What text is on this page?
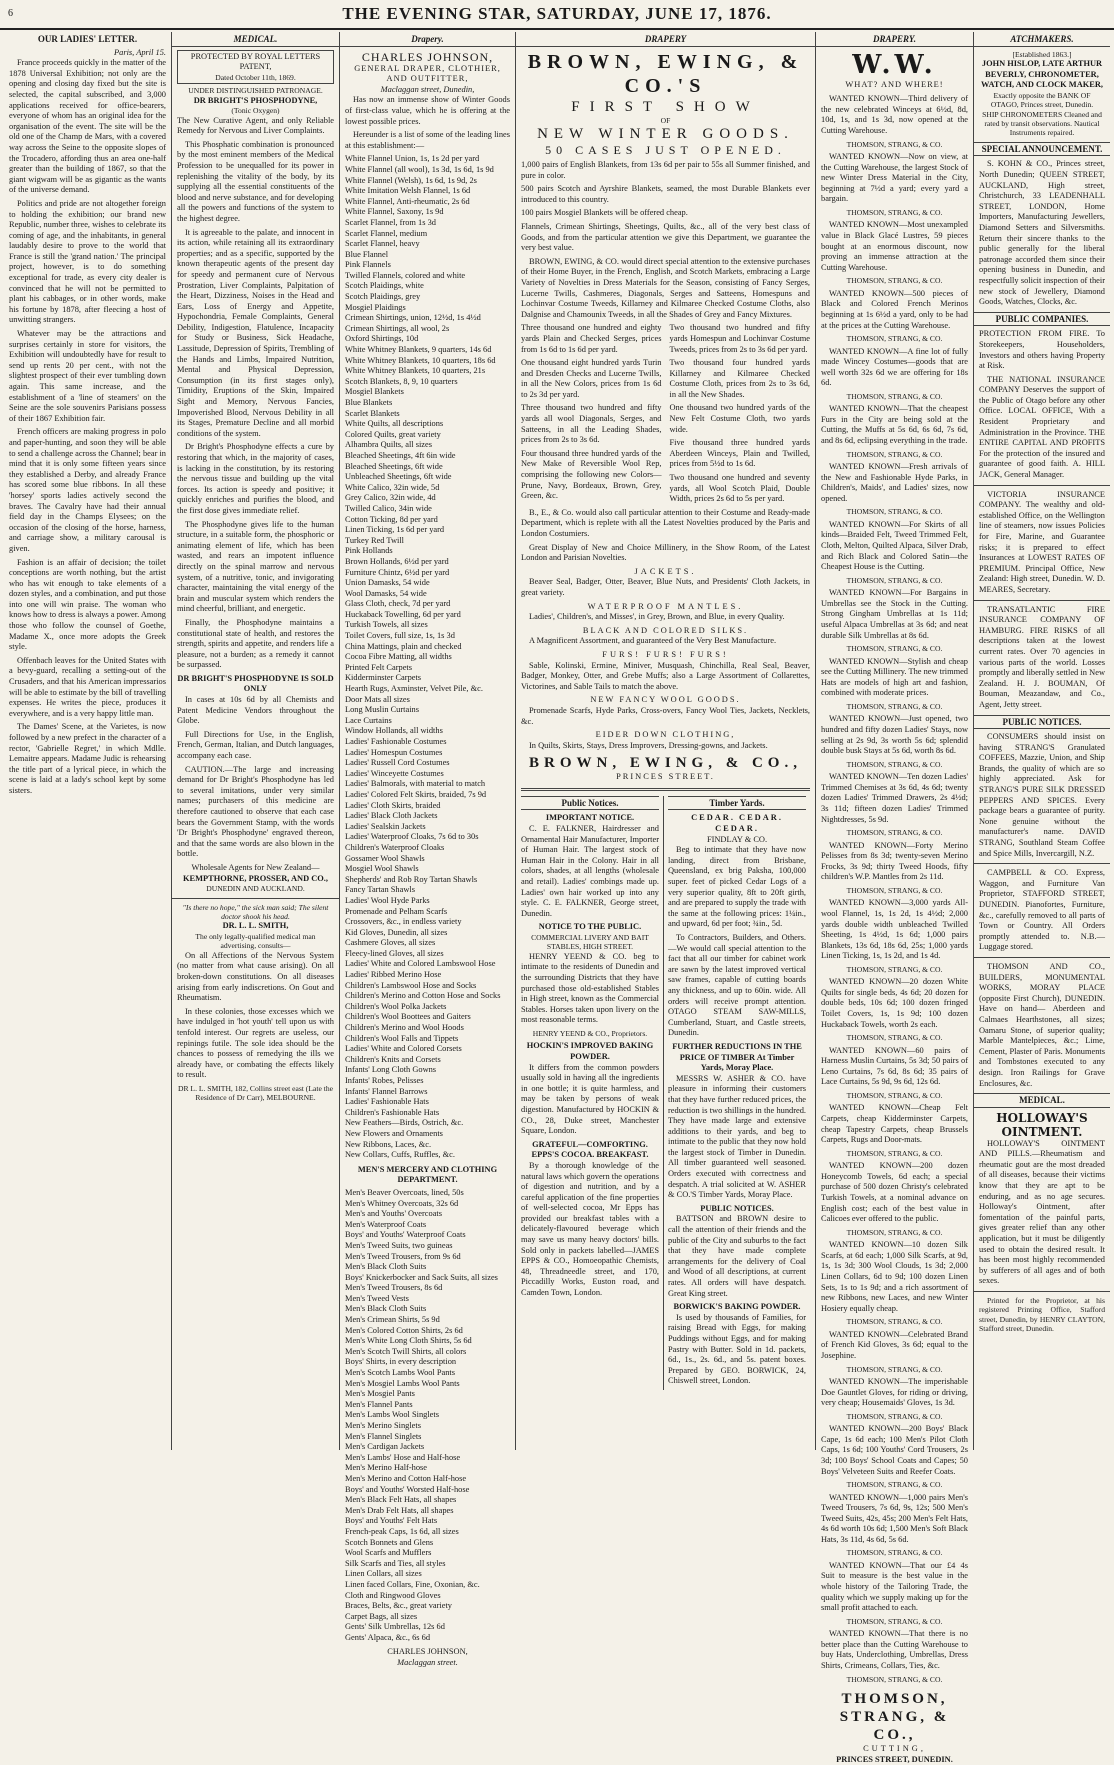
6	THE EVENING STAR, SATURDAY, JUNE 17, 1876.
OUR LADIES' LETTER.
Paris, April 15.

France proceeds quickly in the matter of the 1878 Universal Exhibition; not only are the opening and closing day fixed but the site is selected, the capital subscribed, and 3,000 applications received for office-bearers, everyone of whom has an original idea for the organisation of the event. The site will be the old one of the Champ de Mars, with a covered way across the Seine to the opposite slopes of the Trocadero, affording thus an area one-half greater than the building of 1867, so that the giant wigwam will be as gigantic as the wants of the universe demand.

Politics and pride are not altogether foreign to holding the exhibition; our brand new Republic, number three, wishes to celebrate its coming of age, and the inhabitants, in general laudably desire to prove to the world that France is still the 'grand nation.' The principal project, however, is to do something exceptional for trade, as every city dealer is convinced that he will not be permitted to plant his cabbages, or in other words, make his fortune by 1878, after fleecing a host of unwitting strangers.

Whatever may be the attractions and surprises certainly in store for visitors, the Exhibition will undoubtedly have for result to send up rents 20 per cent., with not the slightest prospect of their ever tumbling down again. This same increase, and the establishment of a 'line of steamers' on the Seine are the sole souvenirs Parisians possess of their 1867 Exhibition fair.

French officers are making progress in polo and paper-hunting, and soon they will be able to send a challenge across the Channel; bear in mind that it is only some fifteen years since they established a Derby, and already France has scored some blue ribbons. In all these 'horsey' sports ladies actively second the braves. The Cavalry have had their annual field day in the Champs Elysees; on the occasion of the closing of the horse, harness, and carriage show, a military carousal is given.

Fashion is an affair of decision; the toilet conceptions are worth nothing, but the artist who has wit enough to take elements of a dozen styles, and a combination, and put those into one will win praise. The woman who knows how to dress is always a power. Among those who follow the counsel of Goethe, Madame X., once more adopts the Greek style.

Offenbach leaves for the United States with a bevy-guard, recalling a setting-out of the Crusaders, and that his American impressarios will be able to estimate by the bill of travelling expenses. He writes the piece, produces it everywhere, and is a very happy little man.

The Dames' Scene, at the Varietes, is now followed by a new prefect in the character of a rector, 'Gabrielle Regret,' in which Mdlle. Lemaitre appears. Madame Judic is rehearsing the title part of a lyrical piece, in which the scene is laid at a lady's school kept by some sisters.

MEDICAL.
PROTECTED BY ROYAL LETTERS PATENT,
Dated October 11th, 1869.
UNDER DISTINGUISHED PATRONAGE.
DR BRIGHT'S PHOSPHODYNE,
(Tonic Oxygen)

The New Curative Agent, and only Reliable Remedy for Nervous and Liver Complaints.

This Phosphatic combination is pronounced by the most eminent members of the Medical Profession to be unequalled for its power in replenishing the vitality of the body, by its supplying all the essential constituents of the blood and nerve substance, and for developing all the powers and functions of the system to the highest degree.

It is agreeable to the palate, and innocent in its action, while retaining all its extraordinary properties; and as a specific, supported by the known therapeutic agents of the present day for speedy and permanent cure of Nervous Prostration, Liver Complaints, Palpitation of the Heart, Dizziness, Noises in the Head and Ears, Loss of Energy and Appetite, Hypochondria, Female Complaints, General Debility, Indigestion, Flatulence, Incapacity for Study or Business, Sick Headache, Lassitude, Depression of Spirits, Trembling of the Hands and Limbs, Impaired Nutrition, Mental and Physical Depression, Consumption (in its first stages only), Timidity, Eruptions of the Skin, Impaired Sight and Memory, Nervous Fancies, Impoverished Blood, Nervous Debility in all its Stages, Premature Decline and all morbid conditions of the system.

Dr Bright's Phosphodyne effects a cure by restoring that which, in the majority of cases, is lacking in the constitution, by its restoring the nervous tissue and building up the vital forces. Its action is speedy and positive; it quickly enriches and purifies the blood, and the first dose gives immediate relief.

The Phosphodyne gives life to the human structure, in a suitable form, the phosphoric or animating element of life, which has been wasted, and rears an impotent influence directly on the spinal marrow and nervous system, of a nutritive, tonic, and invigorating character, maintaining the vital energy of the brain and muscular system which renders the mind cheerful, brilliant, and energetic.

Finally, the Phosphodyne maintains a constitutional state of health, and restores the strength, spirits and appetite, and renders life a pleasure, not a burden; as a remedy it cannot be surpassed.

DR BRIGHT'S PHOSPHODYNE IS SOLD ONLY

In cases at 10s 6d by all Chemists and Patent Medicine Vendors throughout the Globe.

Full Directions for Use, in the English, French, German, Italian, and Dutch languages, accompany each case.

CAUTION.—The large and increasing demand for Dr Bright's Phosphodyne has led to several imitations, under very similar names; purchasers of this medicine are therefore cautioned to observe that each case bears the Government Stamp, with the words 'Dr Bright's Phosphodyne' engraved thereon, and that the same words are also blown in the bottle.

Wholesale Agents for New Zealand—
KEMPTHORNE, PROSSER, AND CO.,
DUNEDIN AND AUCKLAND.
"Is there no hope," the sick man said; The silent doctor shook his head.
DR. L. L. SMITH,
The only legally-qualified medical man advertising, consults—

On all Affections of the Nervous System (no matter from what cause arising). On all broken-down constitutions. On all diseases arising from early indiscretions. On Gout and Rheumatism.

In these colonies, those excesses which we have indulged in 'hot youth' tell upon us with tenfold interest. Our regrets are useless, our repinings futile. The sole idea should be the chances to possess of remedying the ills we already have, or combating the effects likely to result.

DR L. L. SMITH, 182, Collins street east (Late the Residence of Dr Carr), MELBOURNE.
Drapery.
CHARLES JOHNSON,
GENERAL DRAPER, CLOTHIER, AND OUTFITTER,
Maclaggan street, Dunedin,

Has now an immense show of Winter Goods of first-class value, which he is offering at the lowest possible prices.

Hereunder is a list of some of the leading lines at this establishment:—

White Flannel Union, 1s, 1s 2d per yard
White Flannel (all wool), 1s 3d, 1s 6d, 1s 9d
White Flannel (Welsh), 1s 6d, 1s 9d, 2s
White Imitation Welsh Flannel, 1s 6d
White Flannel, Anti-rheumatic, 2s 6d
White Flannel, Saxony, 1s 9d
Scarlet Flannel, from 1s 3d
Scarlet Flannel, medium
Scarlet Flannel, heavy
Blue Flannel
Pink Flannels
Twilled Flannels, colored and white
Scotch Plaidings, white
Scotch Plaidings, grey
Mosgiel Plaidings
Crimean Shirtings, union, 12½d, 1s 4½d
Crimean Shirtings, all wool, 2s
Oxford Shirtings, 10d
White Whitney Blankets, 9 quarters, 14s 6d
White Whitney Blankets, 10 quarters, 18s 6d
White Whitney Blankets, 10 quarters, 21s
Scotch Blankets, 8, 9, 10 quarters
Mosgiel Blankets
Blue Blankets
Scarlet Blankets
White Quilts, all descriptions
Colored Quilts, great variety
Alhambra Quilts, all sizes
Bleached Sheetings, 4ft 6in wide
Bleached Sheetings, 6ft wide
Unbleached Sheetings, 6ft wide
White Calico, 32in wide, 5d
Grey Calico, 32in wide, 4d
Twilled Calico, 34in wide
Cotton Ticking, 8d per yard
Linen Ticking, 1s 6d per yard
Turkey Red Twill
Pink Hollands
Brown Hollands, 6½d per yard
Furniture Chintz, 6½d per yard
Union Damasks, 54 wide
Wool Damasks, 54 wide
Glass Cloth, check, 7d per yard
Huckaback Towelling, 6d per yard
Turkish Towels, all sizes
Toilet Covers, full size, 1s, 1s 3d
China Mattings, plain and checked
Cocoa Fibre Matting, all widths
Printed Felt Carpets
Kidderminster Carpets
Hearth Rugs, Axminster, Velvet Pile, &c.
Door Mats all sizes
Long Muslin Curtains
Lace Curtains
Window Hollands, all widths
Ladies' Fashionable Costumes
Ladies' Homespun Costumes
Ladies' Russell Cord Costumes
Ladies' Winceyette Costumes
Ladies' Balmorals, with material to match
Ladies' Colored Felt Skirts, braided, 7s 9d
Ladies' Cloth Skirts, braided
Ladies' Black Cloth Jackets
Ladies' Sealskin Jackets
Ladies' Waterproof Cloaks, 7s 6d to 30s
Children's Waterproof Cloaks
Gossamer Wool Shawls
Mosgiel Wool Shawls
Shepherds' and Rob Roy Tartan Shawls
Fancy Tartan Shawls
Ladies' Wool Hyde Parks
Promenade and Pelham Scarfs
Crossovers, &c., in endless variety
Kid Gloves, Dunedin, all sizes
Cashmere Gloves, all sizes
Fleecy-lined Gloves, all sizes
Ladies' White and Colored Lambswool Hose
Ladies' Ribbed Merino Hose
Children's Lambswool Hose and Socks
Children's Merino and Cotton Hose and Socks
Children's Wool Polka Jackets
Children's Wool Boottees and Gaiters
Children's Merino and Wool Hoods
Children's Wool Falls and Tippets
Ladies' White and Colored Corsets
Children's Knits and Corsets
Infants' Long Cloth Gowns
Infants' Robes, Pelisses
Infants' Flannel Barrows
Ladies' Fashionable Hats
Children's Fashionable Hats
New Feathers—Birds, Ostrich, &c.
New Flowers and Ornaments
New Ribbons, Laces, &c.
New Collars, Cuffs, Ruffles, &c.
MEN'S MERCERY AND CLOTHING DEPARTMENT.
Men's Beaver Overcoats, lined, 50s
Men's Whitney Overcoats, 32s 6d
Men's and Youths' Overcoats
Men's Waterproof Coats
Boys' and Youths' Waterproof Coats
Men's Tweed Suits, two guineas
Men's Tweed Trousers, from 9s 6d
Men's Black Cloth Suits
Boys' Knickerbocker and Sack Suits, all sizes
Men's Tweed Trousers, 8s 6d
Men's Tweed Vests
Men's Black Cloth Suits
Men's Crimean Shirts, 5s 9d
Men's Colored Cotton Shirts, 2s 6d
Men's White Long Cloth Shirts, 5s 6d
Men's Scotch Twill Shirts, all colors
Boys' Shirts, in every description
Men's Scotch Lambs Wool Pants
Men's Mosgiel Lambs Wool Pants
Men's Mosgiel Pants
Men's Flannel Pants
Men's Lambs Wool Singlets
Men's Merino Singlets
Men's Flannel Singlets
Men's Cardigan Jackets
Men's Lambs' Hose and Half-hose
Men's Merino Half-hose
Men's Merino and Cotton Half-hose
Boys' and Youths' Worsted Half-hose
Men's Black Felt Hats, all shapes
Men's Drab Felt Hats, all shapes
Boys' and Youths' Felt Hats
French-peak Caps, 1s 6d, all sizes
Scotch Bonnets and Glens
Wool Scarfs and Mufflers
Silk Scarfs and Ties, all styles
Linen Collars, all sizes
Linen faced Collars, Fine, Oxonian, &c.
Cloth and Ringwood Gloves
Braces, Belts, &c., great variety
Carpet Bags, all sizes
Gents' Silk Umbrellas, 12s 6d
Gents' Alpaca, &c., 6s 6d
CHARLES JOHNSON,
Maclaggan street.
DRAPERY
BROWN, EWING, & CO.'S
FIRST SHOW
OF
NEW WINTER GOODS.
50 CASES JUST OPENED.

1,000 pairs of English Blankets, from 13s 6d per pair to 55s all Summer finished, and pure in color.

500 pairs Scotch and Ayrshire Blankets, seamed, the most Durable Blankets ever introduced to this country.

100 pairs Mosgiel Blankets will be offered cheap.

Flannels, Crimean Shirtings, Sheetings, Quilts, &c., all of the very best class of Goods, and from the particular attention we give this Department, we guarantee the very best value.

BROWN, EWING, & CO. would direct special attention to the extensive purchases of their Home Buyer, in the French, English, and Scotch Markets, embracing a Large Variety of Novelties in Dress Materials for the Season, consisting of Fancy Serges, Lucerne Twills, Cashmeres, Diagonals, Serges and Satteens, Homespuns and Lochinvar Costume Tweeds, Killarney and Kilmaree Checked Costume Cloths, also Dalgnise and Chamounix Tweeds, in all the Shades of Grey and Fancy Mixtures.

Three thousand one hundred and eighty yards Plain and Checked Serges, prices from 1s 6d to 1s 6d per yard.

One thousand eight hundred yards Turin and Dresden Checks and Lucerne Twills, in all the New Colors, prices from 1s 6d to 2s 3d per yard.

Three thousand two hundred and fifty yards all wool Diagonals, Serges, and Satteens, in all the Leading Shades, prices from 2s to 3s 6d.

Four thousand three hundred yards of the New Make of Reversible Wool Rep, comprising the following new Colors—Prune, Navy, Bordeaux, Brown, Grey, Green, &c.

Two thousand two hundred and fifty yards Homespun and Lochinvar Costume Tweeds, prices from 2s to 3s 6d per yard.

Two thousand four hundred yards Killarney and Kilmaree Checked Costume Cloth, prices from 2s to 3s 6d, in all the New Shades.

One thousand two hundred yards of the New Felt Costume Cloth, two yards wide.

Five thousand three hundred yards Aberdeen Winceys, Plain and Twilled, prices from 5½d to 1s 6d.

Two thousand one hundred and seventy yards, all Wool Scotch Plaid, Double Width, prices 2s 6d to 5s per yard.

B., E., & Co. would also call particular attention to their Costume and Ready-made Department, which is replete with all the Latest Novelties produced by the Paris and London Costumiers.

Great Display of New and Choice Millinery, in the Show Room, of the Latest London and Parisian Novelties.

JACKETS.

Beaver Seal, Badger, Otter, Beaver, Blue Nuts, and Presidents' Cloth Jackets, in great variety.

WATERPROOF MANTLES.

Ladies', Children's, and Misses', in Grey, Brown, and Blue, in every Quality.

BLACK AND COLORED SILKS.

A Magnificent Assortment, and guaranteed of the Very Best Manufacture.

FURS! FURS! FURS!

Sable, Kolinski, Ermine, Miniver, Musquash, Chinchilla, Real Seal, Beaver, Badger, Monkey, Otter, and Grebe Muffs; also a Large Assortment of Collarettes, Victorines, and Sable Tails to match the above.

NEW FANCY WOOL GOODS.

Promenade Scarfs, Hyde Parks, Cross-overs, Fancy Wool Ties, Jackets, Necklets, &c.

EIDER DOWN CLOTHING,

In Quilts, Skirts, Stays, Dress Improvers, Dressing-gowns, and Jackets.

BROWN, EWING, & CO.,
PRINCES STREET.
Public Notices.
IMPORTANT NOTICE.

C. E. FALKNER, Hairdresser and Ornamental Hair Manufacturer, Importer of Human Hair. The largest stock of Human Hair in the Colony. Hair in all colors, shades, at all lengths (wholesale and retail). Ladies' combings made up. Ladies' own hair worked up into any style. C. E. FALKNER, George street, Dunedin.

NOTICE TO THE PUBLIC.
COMMERCIAL LIVERY AND BAIT STABLES, HIGH STREET.

HENRY YEEND & CO. beg to intimate to the residents of Dunedin and the surrounding Districts that they have purchased those old-established Stables in High street, known as the Commercial Stables. Horses taken upon livery on the most reasonable terms.

HENRY YEEND & CO., Proprietors.
HOCKIN'S IMPROVED BAKING POWDER.

It differs from the common powders usually sold in having all the ingredients in one bottle; it is quite harmless, and may be taken by persons of weak digestion. Manufactured by HOCKIN & CO., 28, Duke street, Manchester Square, London.

GRATEFUL—COMFORTING. EPPS'S COCOA. BREAKFAST.

By a thorough knowledge of the natural laws which govern the operations of digestion and nutrition, and by a careful application of the fine properties of well-selected cocoa, Mr Epps has provided our breakfast tables with a delicately-flavoured beverage which may save us many heavy doctors' bills. Sold only in packets labelled—JAMES EPPS & CO., Homoeopathic Chemists, 48, Threadneedle street, and 170, Piccadilly Works, Euston road, and Camden Town, London.

Timber Yards.
CEDAR. CEDAR. CEDAR.
FINDLAY & CO.

Beg to intimate that they have now landing, direct from Brisbane, Queensland, ex brig Paksha, 100,000 super. feet of picked Cedar Logs of a very superior quality, 8ft to 20ft girth, and are prepared to supply the trade with the same at the following prices: 1¼in., and upward, 6d per foot; ¾in., 5d.

To Contractors, Builders, and Others.—We would call special attention to the fact that all our timber for cabinet work are sawn by the latest improved vertical saw frames, capable of cutting boards any thickness, and up to 60in. wide. All orders will receive prompt attention. OTAGO STEAM SAW-MILLS, Cumberland, Stuart, and Castle streets, Dunedin.

FURTHER REDUCTIONS IN THE PRICE OF TIMBER At Timber Yards, Moray Place.

MESSRS W. ASHER & CO. have pleasure in informing their customers that they have further reduced prices, the reduction is two shillings in the hundred. They have made large and extensive additions to their yards, and beg to intimate to the public that they now hold the largest stock of Timber in Dunedin. All timber guaranteed well seasoned. Orders executed with correctness and despatch. A trial solicited at W. ASHER & CO.'S Timber Yards, Moray Place.

PUBLIC NOTICES.

BATTSON and BROWN desire to call the attention of their friends and the public of the City and suburbs to the fact that they have made complete arrangements for the delivery of Coal and Wood of all descriptions, at current rates. All orders will have despatch. Great King street.

BORWICK'S BAKING POWDER.

Is used by thousands of Families, for raising Bread with Eggs, for making Puddings without Eggs, and for making Pastry with Butter. Sold in 1d. packets, 6d., 1s., 2s. 6d., and 5s. patent boxes. Prepared by GEO. BORWICK, 24, Chiswell street, London.

DRAPERY.
W.W.
WHAT? AND WHERE!

WANTED KNOWN—Third delivery of the new celebrated Winceys at 6½d, 8d, 10d, 1s, and 1s 3d, now opened at the Cutting Warehouse.

THOMSON, STRANG, & CO.

WANTED KNOWN—Now on view, at the Cutting Warehouse, the largest Stock of new Winter Dress Material in the City, beginning at 7½d a yard; every yard a bargain.

THOMSON, STRANG, & CO.

WANTED KNOWN—Most unexampled value in Black Glacé Lustres, 59 pieces bought at an enormous discount, now proving an immense attraction at the Cutting Warehouse.

THOMSON, STRANG, & CO.

WANTED KNOWN—500 pieces of Black and Colored French Merinos beginning at 1s 6½d a yard, only to be had at the prices at the Cutting Warehouse.

THOMSON, STRANG, & CO.

WANTED KNOWN—A fine lot of fully made Wincey Costumes—goods that are well worth 32s 6d we are offering for 18s 6d.

THOMSON, STRANG, & CO.

WANTED KNOWN—That the cheapest Furs in the City are being sold at the Cutting, the Muffs at 5s 6d, 6s 6d, 7s 6d, and 8s 6d, eclipsing everything in the trade.

THOMSON, STRANG, & CO.

WANTED KNOWN—Fresh arrivals of the New and Fashionable Hyde Parks, in Children's, Maids', and Ladies' sizes, now opened.

THOMSON, STRANG, & CO.

WANTED KNOWN—For Skirts of all kinds—Braided Felt, Tweed Trimmed Felt, Cloth, Melton, Quilted Alpaca, Silver Drab, and Rich Black and Colored Satin—the Cheapest House is the Cutting.

THOMSON, STRANG, & CO.

WANTED KNOWN—For Bargains in Umbrellas see the Stock in the Cutting. Strong Gingham Umbrellas at 1s 11d; useful Alpaca Umbrellas at 3s 6d; and neat durable Silk Umbrellas at 8s 6d.

THOMSON, STRANG, & CO.

WANTED KNOWN—Stylish and cheap see the Cutting Millinery. The new trimmed Hats are models of high art and fashion, combined with moderate prices.

THOMSON, STRANG, & CO.

WANTED KNOWN—Just opened, two hundred and fifty dozen Ladies' Stays, now selling at 2s 9d, 3s worth 5s 6d; splendid double busk Stays at 5s 6d, worth 8s 6d.

THOMSON, STRANG, & CO.

WANTED KNOWN—Ten dozen Ladies' Trimmed Chemises at 3s 6d, 4s 6d; twenty dozen Ladies' Trimmed Drawers, 2s 4½d; 3s 11d; fifteen dozen Ladies' Trimmed Nightdresses, 5s 9d.

THOMSON, STRANG, & CO.

WANTED KNOWN—Forty Merino Pelisses from 8s 3d; twenty-seven Merino Frocks, 3s 9d; thirty Tweed Hoods, fifty children's W.P. Mantles from 2s 11d.

THOMSON, STRANG, & CO.

WANTED KNOWN—3,000 yards All-wool Flannel, 1s, 1s 2d, 1s 4½d; 2,000 yards double width unbleached Twilled Sheeting, 1s 4½d, 1s 6d; 1,000 pairs Blankets, 13s 6d, 18s 6d, 25s; 1,000 yards Linen Ticking, 1s, 1s 2d, and 1s 4d.

THOMSON, STRANG, & CO.

WANTED KNOWN—20 dozen White Quilts for single beds, 4s 6d; 20 dozen for double beds, 10s 6d; 100 dozen fringed Toilet Covers, 1s, 1s 9d; 100 dozen Huckaback Towels, worth 2s each.

THOMSON, STRANG, & CO.

WANTED KNOWN—60 pairs of Harness Muslin Curtains, 5s 3d; 50 pairs of Leno Curtains, 7s 6d, 8s 6d; 35 pairs of Lace Curtains, 5s 9d, 9s 6d, 12s 6d.

THOMSON, STRANG, & CO.

WANTED KNOWN—Cheap Felt Carpets, cheap Kidderminster Carpets, cheap Tapestry Carpets, cheap Brussels Carpets, Rugs and Door-mats.

THOMSON, STRANG, & CO.

WANTED KNOWN—200 dozen Honeycomb Towels, 6d each; a special purchase of 500 dozen Christy's celebrated Turkish Towels, at a nominal advance on English cost; each of the best value in Calicoes ever offered to the public.

THOMSON, STRANG, & CO.

WANTED KNOWN—10 dozen Silk Scarfs, at 6d each; 1,000 Silk Scarfs, at 9d, 1s, 1s 3d; 300 Wool Clouds, 1s 3d; 2,000 Linen Collars, 6d to 9d; 100 dozen Linen Sets, 1s to 1s 9d; and a rich assortment of new Ribbons, new Laces, and new Winter Hosiery equally cheap.

THOMSON, STRANG, & CO.

WANTED KNOWN—Celebrated Brand of French Kid Gloves, 3s 6d; equal to the Josephine.

THOMSON, STRANG, & CO.

WANTED KNOWN—The imperishable Doe Gauntlet Gloves, for riding or driving, very cheap; Housemaids' Gloves, 1s 3d.

THOMSON, STRANG, & CO.

WANTED KNOWN—200 Boys' Black Cape, 1s 6d each; 100 Men's Pilot Cloth Caps, 1s 6d; 100 Youths' Cord Trousers, 2s 3d; 100 Boys' School Coats and Capes; 50 Boys' Velveteen Suits and Reefer Coats.

THOMSON, STRANG, & CO.

WANTED KNOWN—1,000 pairs Men's Tweed Trousers, 7s 6d, 9s, 12s; 500 Men's Tweed Suits, 42s, 45s; 200 Men's Felt Hats, 4s 6d worth 10s 6d; 1,500 Men's Soft Black Hats, 3s 11d, 4s 6d, 5s 6d.

THOMSON, STRANG, & CO.

WANTED KNOWN—That our £4 4s Suit to measure is the best value in the whole history of the Tailoring Trade, the quality which we supply making up for the small profit attached to each.

THOMSON, STRANG, & CO.

WANTED KNOWN—That there is no better place than the Cutting Warehouse to buy Hats, Underclothing, Umbrellas, Dress Shirts, Crimeans, Collars, Ties, &c.

THOMSON, STRANG, & CO.
THOMSON, STRANG, & CO.,
CUTTING,
PRINCES STREET, DUNEDIN.
ATCHMAKERS.
[Established 1863.]
JOHN HISLOP, LATE ARTHUR BEVERLY, CHRONOMETER, WATCH, AND CLOCK MAKER,
Exactly opposite the BANK OF OTAGO, Princes street, Dunedin.
SHIP CHRONOMETERS Cleaned and rated by transit observations. Nautical Instruments repaired.
SPECIAL ANNOUNCEMENT.

S. KOHN & CO., Princes street, North Dunedin; QUEEN STREET, AUCKLAND, High street, Christchurch, 33 LEADENHALL STREET, LONDON, Home Importers, Manufacturing Jewellers, Diamond Setters and Silversmiths. Return their sincere thanks to the public generally for the liberal patronage accorded them since their opening business in Dunedin, and respectfully solicit inspection of their new stock of Jewellery, Diamond Goods, Watches, Clocks, &c.

PUBLIC COMPANIES.

PROTECTION FROM FIRE. To Storekeepers, Householders, Investors and others having Property at Risk.

THE NATIONAL INSURANCE COMPANY Deserves the support of the Public of Otago before any other Office. LOCAL OFFICE, With a Resident Proprietary and Administration in the Province. THE ENTIRE CAPITAL AND PROFITS For the protection of the insured and guarantee of good faith. A. HILL JACK, General Manager.

VICTORIA INSURANCE COMPANY. The wealthy and old-established Office, on the Wellington line of steamers, now issues Policies for Fire, Marine, and Guarantee risks; it is prepared to effect Insurances at LOWEST RATES OF PREMIUM. Principal Office, New Zealand: High street, Dunedin. W. D. MEARES, Secretary.

TRANSATLANTIC FIRE INSURANCE COMPANY OF HAMBURG. FIRE RISKS of all descriptions taken at the lowest current rates. Over 70 agencies in various parts of the world. Losses promptly and liberally settled in New Zealand. H. J. BOUMAN, Of Bouman, Meazandaw, and Co., Agent, Jetty street.

PUBLIC NOTICES.

CONSUMERS should insist on having STRANG'S Granulated COFFEES, Mazzie, Union, and Ship Brands, the quality of which are so highly appreciated. Ask for STRANG'S PURE SILK DRESSED PEPPERS AND SPICES. Every package bears a guarantee of purity. None genuine without the manufacturer's name. DAVID STRANG, Southland Steam Coffee and Spice Mills, Invercargill, N.Z.

CAMPBELL & CO. Express, Waggon, and Furniture Van Proprietor, STAFFORD STREET, DUNEDIN. Pianofortes, Furniture, &c., carefully removed to all parts of Town or Country. All Orders promptly attended to. N.B.—Luggage stored.

THOMSON AND CO., BUILDERS, MONUMENTAL WORKS, MORAY PLACE (opposite First Church), DUNEDIN. Have on hand— Aberdeen and Calmaes Hearthstones, all sizes; Oamaru Stone, of superior quality; Marble Mantelpieces, &c.; Lime, Cement, Plaster of Paris. Monuments and Tombstones executed to any design. Iron Railings for Grave Enclosures, &c.

MEDICAL.
HOLLOWAY'S OINTMENT.

HOLLOWAY'S OINTMENT AND PILLS.—Rheumatism and rheumatic gout are the most dreaded of all diseases, because their victims know that they are apt to be enduring, and as no age secures. Holloway's Ointment, after fomentation of the painful parts, gives greater relief than any other application, but it must be diligently used to obtain the desired result. It has been most highly recommended by sufferers of all ages and of both sexes.

Printed for the Proprietor, at his registered Printing Office, Stafford street, Dunedin, by HENRY CLAYTON, Stafford street, Dunedin.
